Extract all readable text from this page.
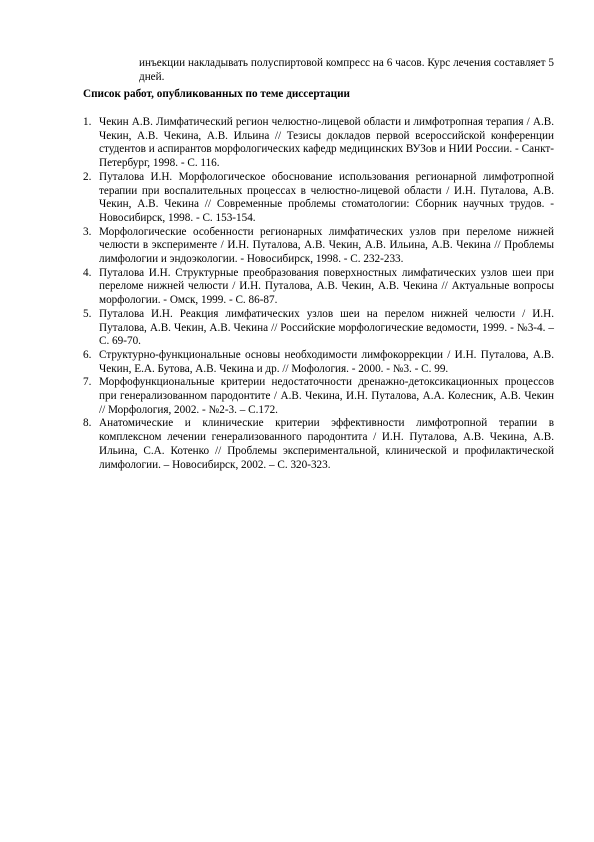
инъекции накладывать полуспиртовой компресс на 6 часов. Курс лечения составляет 5 дней.

Список работ, опубликованных по теме диссертации
1. Чекин А.В. Лимфатический регион челюстно-лицевой области и лимфотропная терапия / А.В. Чекин, А.В. Чекина, А.В. Ильина // Тезисы докладов первой всероссийской конференции студентов и аспирантов морфологических кафедр медицинских ВУЗов и НИИ России. - Санкт-Петербург, 1998. - С. 116.
2. Путалова И.Н. Морфологическое обоснование использования регионарной лимфотропной терапии при воспалительных процессах в челюстно-лицевой области / И.Н. Путалова, А.В. Чекин, А.В. Чекина // Современные проблемы стоматологии: Сборник научных трудов. - Новосибирск, 1998. - С. 153-154.
3. Морфологические особенности регионарных лимфатических узлов при переломе нижней челюсти в эксперименте / И.Н. Путалова, А.В. Чекин, А.В. Ильина, А.В. Чекина // Проблемы лимфологии и эндоэкологии. - Новосибирск, 1998. - С. 232-233.
4. Путалова И.Н. Структурные преобразования поверхностных лимфатических узлов шеи при переломе нижней челюсти / И.Н. Путалова, А.В. Чекин, А.В. Чекина // Актуальные вопросы морфологии. - Омск, 1999. - С. 86-87.
5. Путалова И.Н. Реакция лимфатических узлов шеи на перелом нижней челюсти / И.Н. Путалова, А.В. Чекин, А.В. Чекина // Российские морфологические ведомости, 1999. - №3-4. – С. 69-70.
6. Структурно-функциональные основы необходимости лимфокоррекции / И.Н. Путалова, А.В. Чекин, Е.А. Бутова, А.В. Чекина и др. // Мофология. - 2000. - №3. - С. 99.
7. Морфофункциональные критерии недостаточности дренажно-детоксикационных процессов при генерализованном пародонтите / А.В. Чекина, И.Н. Путалова, А.А. Колесник, А.В. Чекин // Морфология, 2002. - №2-3. – С.172.
8. Анатомические и клинические критерии эффективности лимфотропной терапии в комплексном лечении генерализованного пародонтита / И.Н. Путалова, А.В. Чекина, А.В. Ильина, С.А. Котенко // Проблемы экспериментальной, клинической и профилактической лимфологии. – Новосибирск, 2002. – С. 320-323.
